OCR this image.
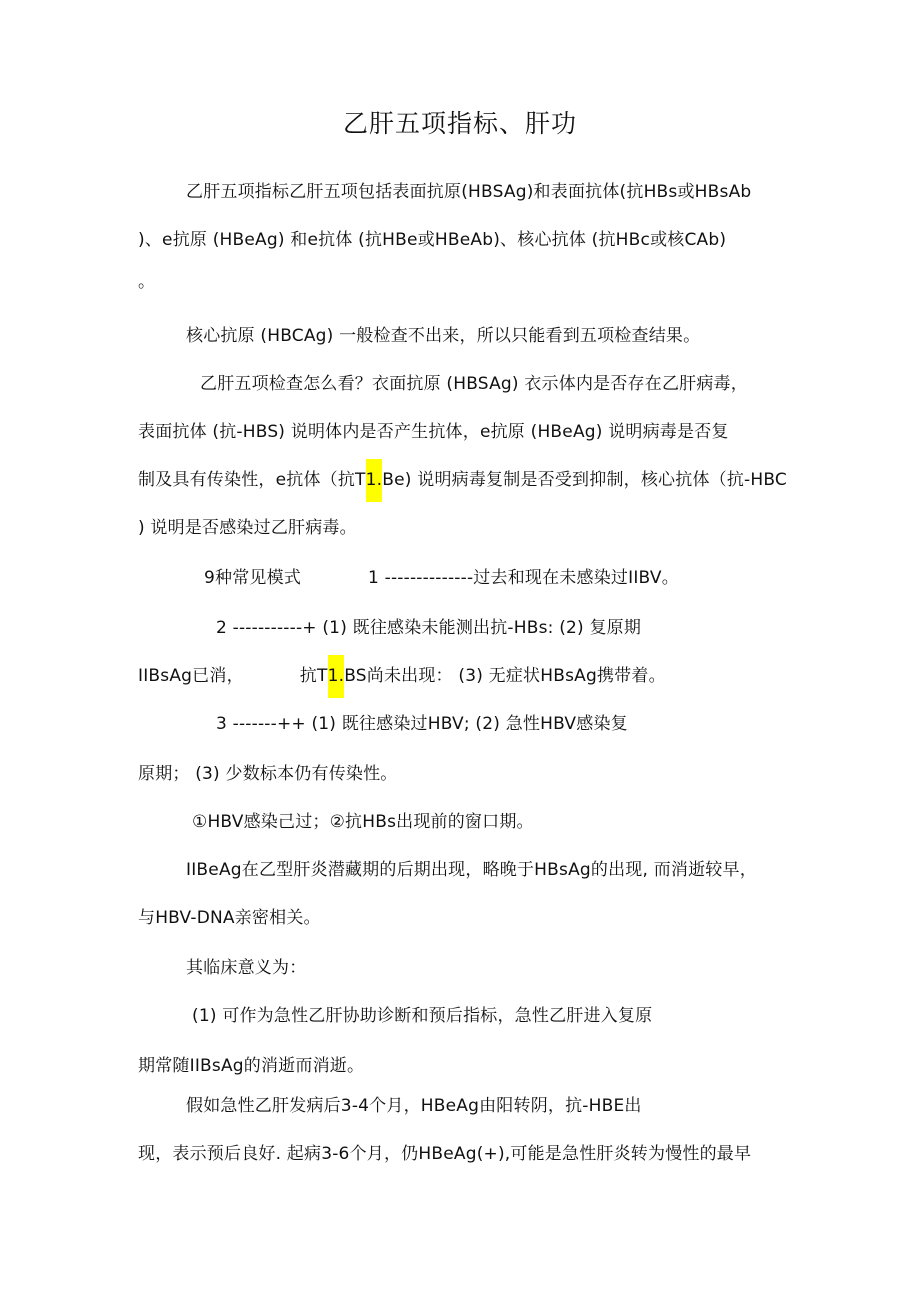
乙肝五项指标、肝功
乙肝五项指标乙肝五项包括表面抗原(HBSAg)和表面抗体(抗HBs或HBsAb
)、e抗原 (HBeAg) 和e抗体 (抗HBe或HBeAb)、核心抗体 (抗HBc或核CAb)
。
核心抗原 (HBCAg) 一般检查不出来，所以只能看到五项检查结果。
乙肝五项检查怎么看？衣面抗原 (HBSAg) 衣示体内是否存在乙肝病毒，
表面抗体 (抗-HBS) 说明体内是否产生抗体，e抗原 (HBeAg) 说明病毒是否复
制及具有传染性，e抗体（抗T1.Be) 说明病毒复制是否受到抑制，核心抗体（抗-HBC
) 说明是否感染过乙肝病毒。
9种常见模式	1 --------------过去和现在未感染过IIBV。
2 -----------+ (1) 既往感染未能测出抗-HBs: (2) 复原期
IIBsAg已消，	抗T1.BS尚未出现： (3) 无症状HBsAg携带着。
3 -------++ (1) 既往感染过HBV; (2) 急性HBV感染复
原期； (3) 少数标本仍有传染性。
①HBV感染己过；②抗HBs出现前的窗口期。
IIBeAg在乙型肝炎潜藏期的后期出现，略晚于HBsAg的出现, 而消逝较早，
与HBV-DNA亲密相关。
其临床意义为：
(1) 可作为急性乙肝协助诊断和预后指标，急性乙肝进入复原
期常随IIBsAg的消逝而消逝。
假如急性乙肝发病后3-4个月，HBeAg由阳转阴，抗-HBE出
现，表示预后良好. 起病3-6个月，仍HBeAg(+),可能是急性肝炎转为慢性的最早
